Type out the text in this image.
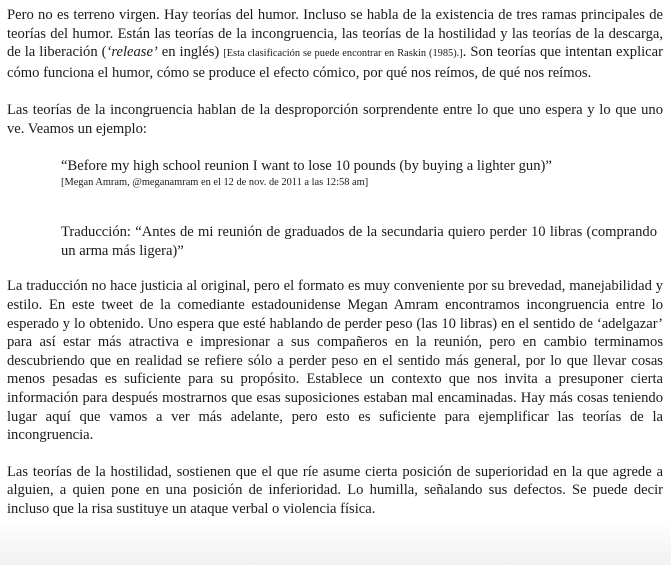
Pero no es terreno virgen. Hay teorías del humor. Incluso se habla de la existencia de tres ramas principales de teorías del humor. Están las teorías de la incongruencia, las teorías de la hostilidad y las teorías de la descarga, de la liberación (‘release’ en inglés) [Esta clasificación se puede encontrar en Raskin (1985).]. Son teorías que intentan explicar cómo funciona el humor, cómo se produce el efecto cómico, por qué nos reímos, de qué nos reímos.

Las teorías de la incongruencia hablan de la desproporción sorprendente entre lo que uno espera y lo que uno ve. Veamos un ejemplo:

“Before my high school reunion I want to lose 10 pounds (by buying a lighter gun)”
[Megan Amram, @meganamram en el 12 de nov. de 2011 a las 12:58 am]

Traducción: “Antes de mi reunión de graduados de la secundaria quiero perder 10 libras (comprando un arma más ligera)”

La traducción no hace justicia al original, pero el formato es muy conveniente por su brevedad, manejabilidad y estilo. En este tweet de la comediante estadounidense Megan Amram encontramos incongruencia entre lo esperado y lo obtenido. Uno espera que esté hablando de perder peso (las 10 libras) en el sentido de ‘adelgazar’ para así estar más atractiva e impresionar a sus compañeros en la reunión, pero en cambio terminamos descubriendo que en realidad se refiere sólo a perder peso en el sentido más general, por lo que llevar cosas menos pesadas es suficiente para su propósito. Establece un contexto que nos invita a presuponer cierta información para después mostrarnos que esas suposiciones estaban mal encaminadas. Hay más cosas teniendo lugar aquí que vamos a ver más adelante, pero esto es suficiente para ejemplificar las teorías de la incongruencia.

Las teorías de la hostilidad, sostienen que el que ríe asume cierta posición de superioridad en la que agrede a alguien, a quien pone en una posición de inferioridad. Lo humilla, señalando sus defectos. Se puede decir incluso que la risa sustituye un ataque verbal o violencia física.
